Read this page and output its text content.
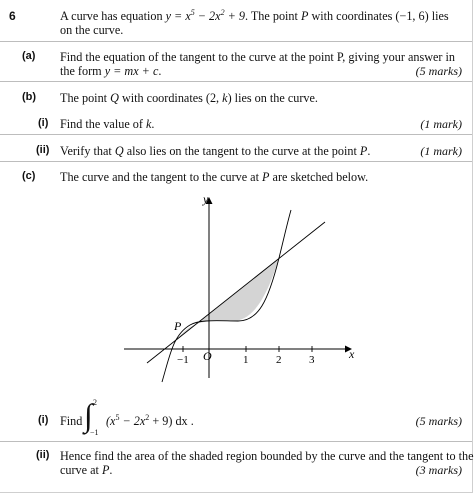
6	A curve has equation $y = x^5 - 2x^2 + 9$. The point P with coordinates (−1, 6) lies
on the curve.
(a) Find the equation of the tangent to the curve at the point P, giving your answer in
the form y = mx + c.	(5 marks)
(b) The point Q with coordinates (2, k) lies on the curve.
(i) Find the value of k.	(1 mark)
(ii) Verify that Q also lies on the tangent to the curve at the point P.	(1 mark)
(c) The curve and the tangent to the curve at P are sketched below.
y
x
P
O
−1	1	2	3
(i) Find ∫ 2
−1
$(x^5 - 2x^2 + 9)$ dx .	(5 marks)
(ii) Hence find the area of the shaded region bounded by the curve and the tangent to the
curve at P.	(3 marks)
